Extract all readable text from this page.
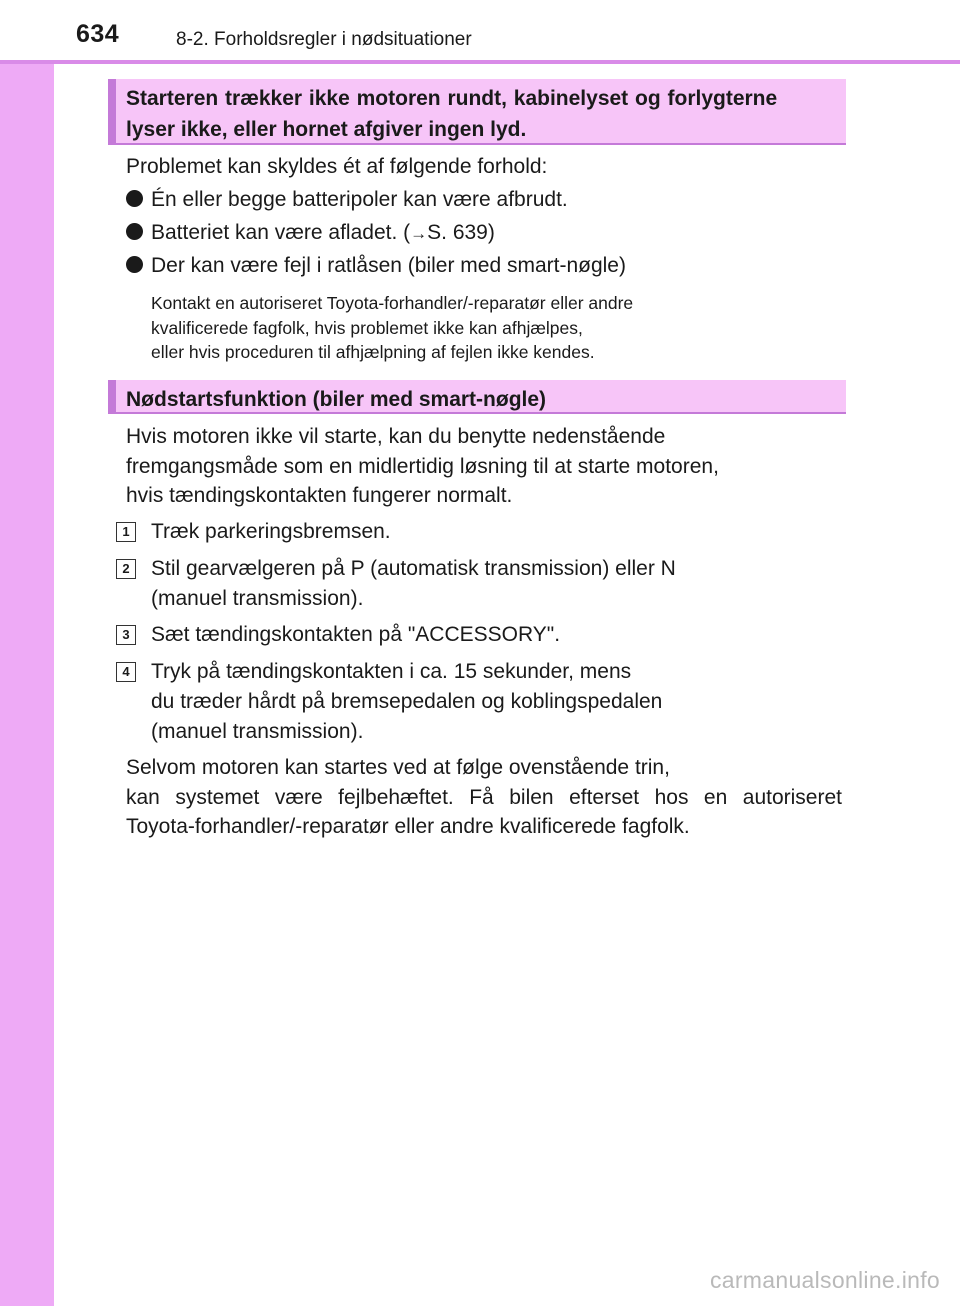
634	8-2. Forholdsregler i nødsituationer
Starteren trækker ikke motoren rundt, kabinelyset og forlygterne
lyser ikke, eller hornet afgiver ingen lyd.
Problemet kan skyldes ét af følgende forhold:
Én eller begge batteripoler kan være afbrudt.
Batteriet kan være afladet. (→S. 639)
Der kan være fejl i ratlåsen (biler med smart-nøgle)
Kontakt en autoriseret Toyota-forhandler/-reparatør eller andre
kvalificerede fagfolk, hvis problemet ikke kan afhjælpes,
eller hvis proceduren til afhjælpning af fejlen ikke kendes.
Nødstartsfunktion (biler med smart-nøgle)
Hvis motoren ikke vil starte, kan du benytte nedenstående
fremgangsmåde som en midlertidig løsning til at starte motoren,
hvis tændingskontakten fungerer normalt.
1	Træk parkeringsbremsen.
2	Stil gearvælgeren på P (automatisk transmission) eller N
(manuel transmission).
3	Sæt tændingskontakten på "ACCESSORY".
4	Tryk på tændingskontakten i ca. 15 sekunder, mens
du træder hårdt på bremsepedalen og koblingspedalen
(manuel transmission).
Selvom motoren kan startes ved at følge ovenstående trin,
kan systemet være fejlbehæftet. Få bilen efterset hos en autoriseret
Toyota-forhandler/-reparatør eller andre kvalificerede fagfolk.
carmanualsonline.info
